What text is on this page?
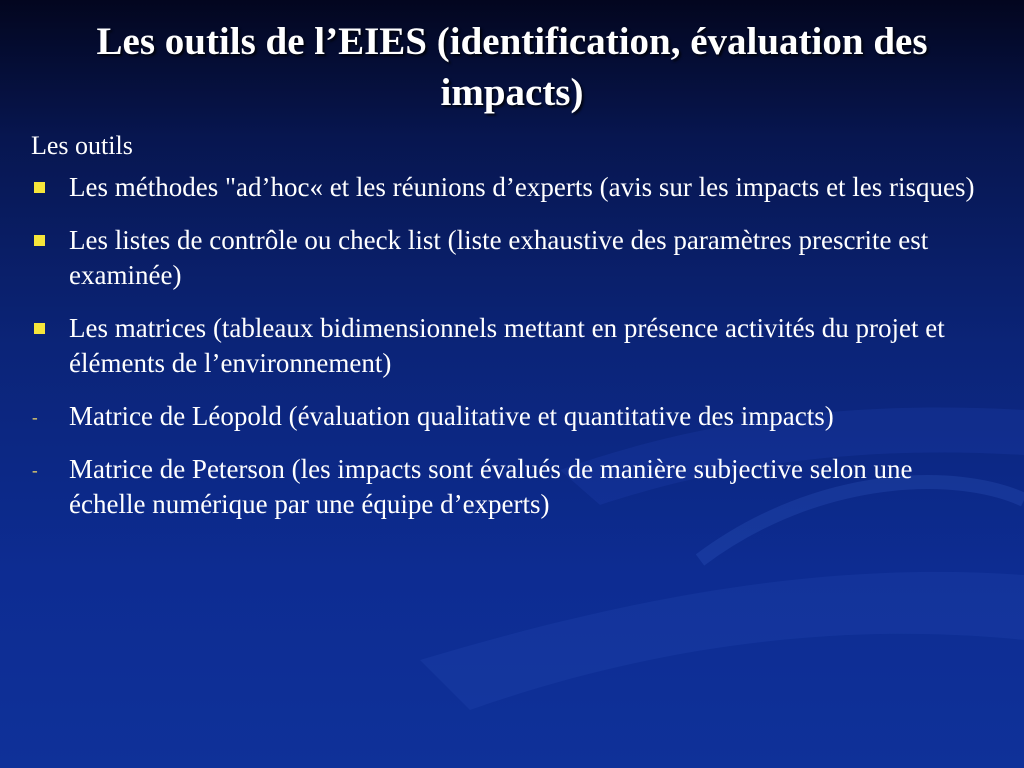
Les outils de l’EIES (identification, évaluation des impacts)

Les outils

Les méthodes "ad’hoc« et les réunions d’experts (avis sur les impacts et les risques)
Les listes de contrôle ou check list (liste exhaustive des paramètres prescrite est examinée)
Les matrices (tableaux bidimensionnels mettant en présence activités du projet et éléments de l’environnement)
- Matrice de Léopold (évaluation qualitative et quantitative des impacts)
- Matrice de Peterson (les impacts sont évalués de manière subjective selon une échelle numérique par une équipe d’experts)
